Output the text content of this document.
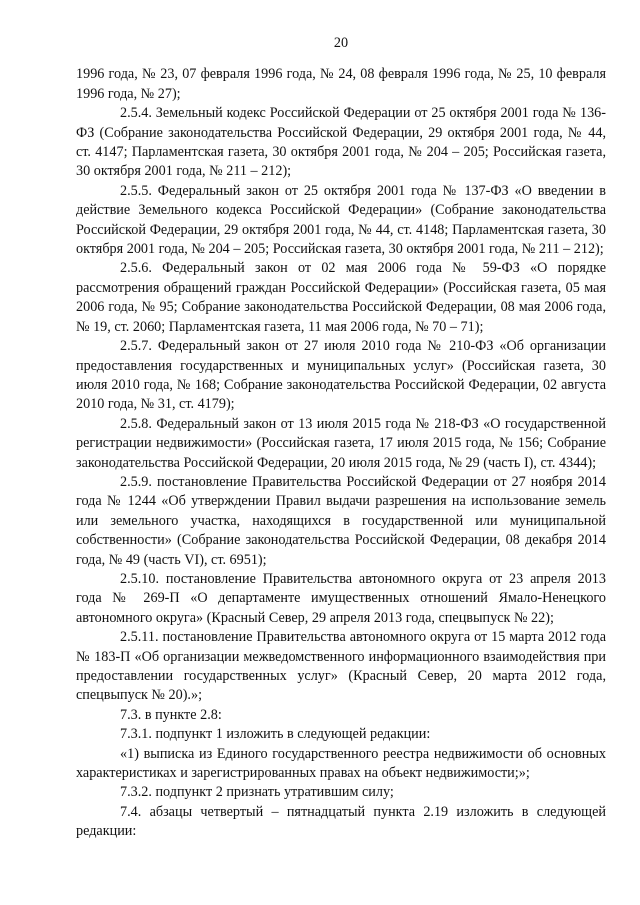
20

1996 года, № 23, 07 февраля 1996 года, № 24, 08 февраля 1996 года, № 25, 10 февраля 1996 года, № 27);

2.5.4. Земельный кодекс Российской Федерации от 25 октября 2001 года № 136-ФЗ (Собрание законодательства Российской Федерации, 29 октября 2001 года, № 44, ст. 4147; Парламентская газета, 30 октября 2001 года, № 204 – 205; Российская газета, 30 октября 2001 года, № 211 – 212);

2.5.5. Федеральный закон от 25 октября 2001 года № 137-ФЗ «О введении в действие Земельного кодекса Российской Федерации» (Собрание законодательства Российской Федерации, 29 октября 2001 года, № 44, ст. 4148; Парламентская газета, 30 октября 2001 года, № 204 – 205; Российская газета, 30 октября 2001 года, № 211 – 212);

2.5.6. Федеральный закон от 02 мая 2006 года № 59-ФЗ «О порядке рассмотрения обращений граждан Российской Федерации» (Российская газета, 05 мая 2006 года, № 95; Собрание законодательства Российской Федерации, 08 мая 2006 года, № 19, ст. 2060; Парламентская газета, 11 мая 2006 года, № 70 – 71);

2.5.7. Федеральный закон от 27 июля 2010 года № 210-ФЗ «Об организации предоставления государственных и муниципальных услуг» (Российская газета, 30 июля 2010 года, № 168; Собрание законодательства Российской Федерации, 02 августа 2010 года, № 31, ст. 4179);

2.5.8. Федеральный закон от 13 июля 2015 года № 218-ФЗ «О государственной регистрации недвижимости» (Российская газета, 17 июля 2015 года, № 156; Собрание законодательства Российской Федерации, 20 июля 2015 года, № 29 (часть I), ст. 4344);

2.5.9. постановление Правительства Российской Федерации от 27 ноября 2014 года № 1244 «Об утверждении Правил выдачи разрешения на использование земель или земельного участка, находящихся в государственной или муниципальной собственности» (Собрание законодательства Российской Федерации, 08 декабря 2014 года, № 49 (часть VI), ст. 6951);

2.5.10. постановление Правительства автономного округа от 23 апреля 2013 года № 269-П «О департаменте имущественных отношений Ямало-Ненецкого автономного округа» (Красный Север, 29 апреля 2013 года, спецвыпуск № 22);

2.5.11. постановление Правительства автономного округа от 15 марта 2012 года № 183-П «Об организации межведомственного информационного взаимодействия при предоставлении государственных услуг» (Красный Север, 20 марта 2012 года, спецвыпуск № 20).»;

7.3. в пункте 2.8:

7.3.1. подпункт 1 изложить в следующей редакции:

«1) выписка из Единого государственного реестра недвижимости об основных характеристиках и зарегистрированных правах на объект недвижимости;»;

7.3.2. подпункт 2 признать утратившим силу;

7.4. абзацы четвертый – пятнадцатый пункта 2.19 изложить в следующей редакции:
